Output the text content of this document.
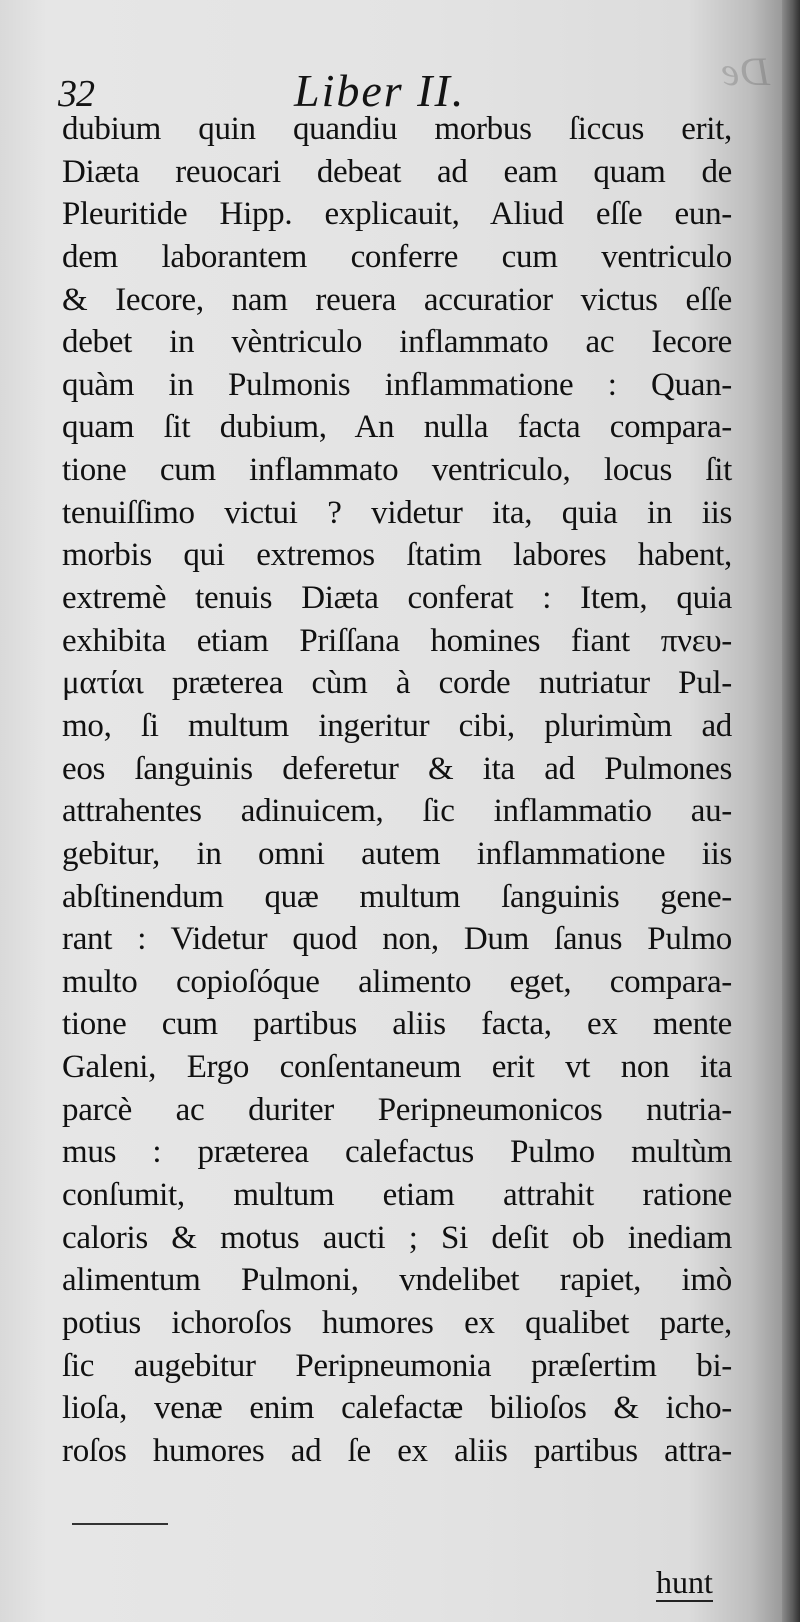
De
32	Liber II.
dubium quin quandiu morbus ſiccus erit,
Diæta reuocari debeat ad eam quam de
Pleuritide Hipp. explicauit, Aliud eſſe eun-
dem laborantem conferre cum ventriculo
& Iecore, nam reuera accuratior victus eſſe
debet in vèntriculo inflammato ac Iecore
quàm in Pulmonis inflammatione : Quan-
quam ſit dubium, An nulla facta compara-
tione cum inflammato ventriculo, locus ſit
tenuiſſimo victui ? videtur ita, quia in iis
morbis qui extremos ſtatim labores habent,
extremè tenuis Diæta conferat : Item, quia
exhibita etiam Priſſana homines fiant πνευ-
ματίαι præterea cùm à corde nutriatur Pul-
mo, ſi multum ingeritur cibi, plurimùm ad
eos ſanguinis deferetur & ita ad Pulmones
attrahentes adinuicem, ſic inflammatio au-
gebitur, in omni autem inflammatione iis
abſtinendum quæ multum ſanguinis gene-
rant : Videtur quod non, Dum ſanus Pulmo
multo copioſóque alimento eget, compara-
tione cum partibus aliis facta, ex mente
Galeni, Ergo conſentaneum erit vt non ita
parcè ac duriter Peripneumonicos nutria-
mus : præterea calefactus Pulmo multùm
conſumit, multum etiam attrahit ratione
caloris & motus aucti ; Si deſit ob inediam
alimentum Pulmoni, vndelibet rapiet, imò
potius ichoroſos humores ex qualibet parte,
ſic augebitur Peripneumonia præſertim bi-
lioſa, venæ enim calefactæ bilioſos & icho-
roſos humores ad ſe ex aliis partibus attra-
hunt
